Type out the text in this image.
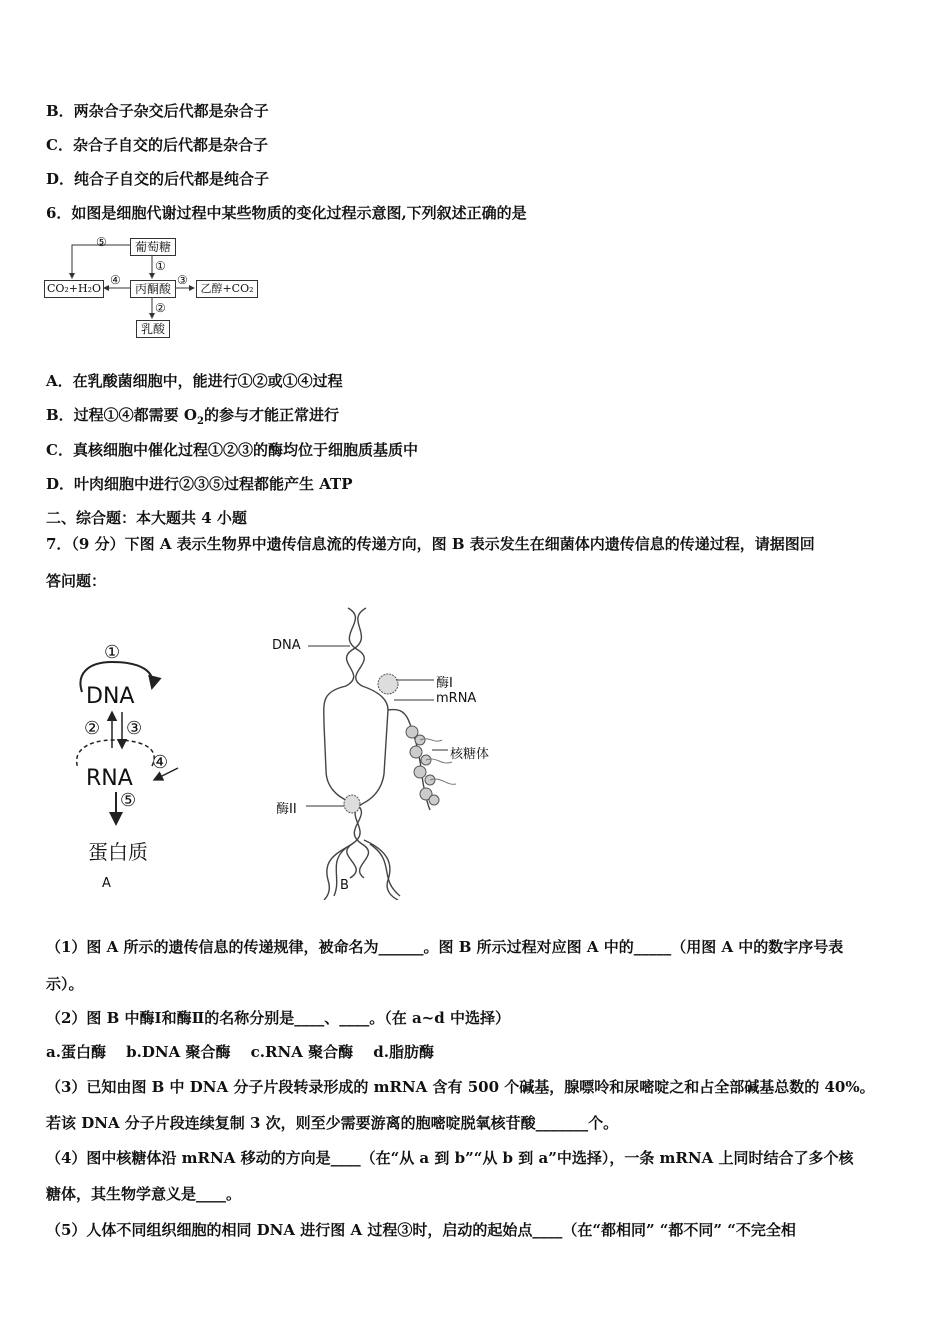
B．两杂合子杂交后代都是杂合子
C．杂合子自交的后代都是杂合子
D．纯合子自交的后代都是纯合子
6．如图是细胞代谢过程中某些物质的变化过程示意图,下列叙述正确的是
葡萄糖
丙酮酸
CO₂+H₂O	乙醇+CO₂
乳酸
⑤
①
④	③
②
A．在乳酸菌细胞中，能进行①②或①④过程
B．过程①④都需要 $O_2$的参与才能正常进行
C．真核细胞中催化过程①②③的酶均位于细胞质基质中
D．叶肉细胞中进行②③⑤过程都能产生 ATP
二、综合题：本大题共 4 小题
7．（9 分）下图 A 表示生物界中遗传信息流的传递方向，图 B 表示发生在细菌体内遗传信息的传递过程，请据图回
答问题：
①
DNA
② ③
RNA
④
⑤
蛋白质
A
DNA
酶I
mRNA
核糖体
酶II
B
（1）图 A 所示的遗传信息的传递规律，被命名为______。图 B 所示过程对应图 A 中的_____（用图 A 中的数字序号表
示）。
（2）图 B 中酶Ⅰ和酶Ⅱ的名称分别是____、____。（在 a~d 中选择）
a.蛋白酶　 b.DNA 聚合酶　 c.RNA 聚合酶　 d.脂肪酶
（3）已知由图 B 中 DNA 分子片段转录形成的 mRNA 含有 500 个碱基，腺嘌呤和尿嘧啶之和占全部碱基总数的 40%。
若该 DNA 分子片段连续复制 3 次，则至少需要游离的胞嘧啶脱氧核苷酸_______个。
（4）图中核糖体沿 mRNA 移动的方向是____（在“从 a 到 b”“从 b 到 a”中选择），一条 mRNA 上同时结合了多个核
糖体，其生物学意义是____。
（5）人体不同组织细胞的相同 DNA 进行图 A 过程③时，启动的起始点____（在“都相同” “都不同” “不完全相
